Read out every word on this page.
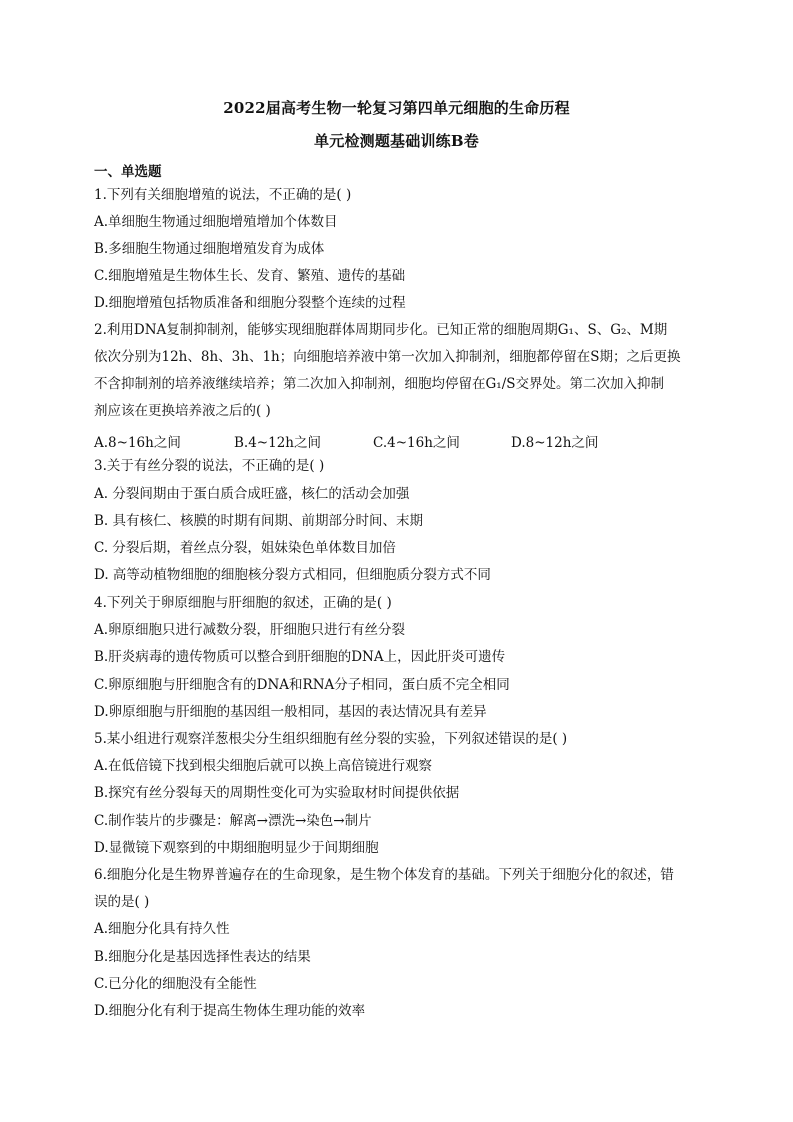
2022届高考生物一轮复习第四单元细胞的生命历程
单元检测题基础训练B卷
一、单选题
1.下列有关细胞增殖的说法，不正确的是( )
A.单细胞生物通过细胞增殖增加个体数目
B.多细胞生物通过细胞增殖发育为成体
C.细胞增殖是生物体生长、发育、繁殖、遗传的基础
D.细胞增殖包括物质准备和细胞分裂整个连续的过程
2.利用DNA复制抑制剂，能够实现细胞群体周期同步化。已知正常的细胞周期G₁、S、G₂、M期
依次分别为12h、8h、3h、1h；向细胞培养液中第一次加入抑制剂，细胞都停留在S期；之后更换
不含抑制剂的培养液继续培养；第二次加入抑制剂，细胞均停留在G₁/S交界处。第二次加入抑制
剂应该在更换培养液之后的( )
A.8~16h之间	B.4~12h之间	C.4~16h之间	D.8~12h之间
3.关于有丝分裂的说法，不正确的是( )
A. 分裂间期由于蛋白质合成旺盛，核仁的活动会加强
B. 具有核仁、核膜的时期有间期、前期部分时间、末期
C. 分裂后期，着丝点分裂，姐妹染色单体数目加倍
D. 高等动植物细胞的细胞核分裂方式相同，但细胞质分裂方式不同
4.下列关于卵原细胞与肝细胞的叙述，正确的是( )
A.卵原细胞只进行减数分裂，肝细胞只进行有丝分裂
B.肝炎病毒的遗传物质可以整合到肝细胞的DNA上，因此肝炎可遗传
C.卵原细胞与肝细胞含有的DNA和RNA分子相同，蛋白质不完全相同
D.卵原细胞与肝细胞的基因组一般相同，基因的表达情况具有差异
5.某小组进行观察洋葱根尖分生组织细胞有丝分裂的实验，下列叙述错误的是( )
A.在低倍镜下找到根尖细胞后就可以换上高倍镜进行观察
B.探究有丝分裂每天的周期性变化可为实验取材时间提供依据
C.制作装片的步骤是：解离→漂洗→染色→制片
D.显微镜下观察到的中期细胞明显少于间期细胞
6.细胞分化是生物界普遍存在的生命现象，是生物个体发育的基础。下列关于细胞分化的叙述，错
误的是( )
A.细胞分化具有持久性
B.细胞分化是基因选择性表达的结果
C.已分化的细胞没有全能性
D.细胞分化有利于提高生物体生理功能的效率
